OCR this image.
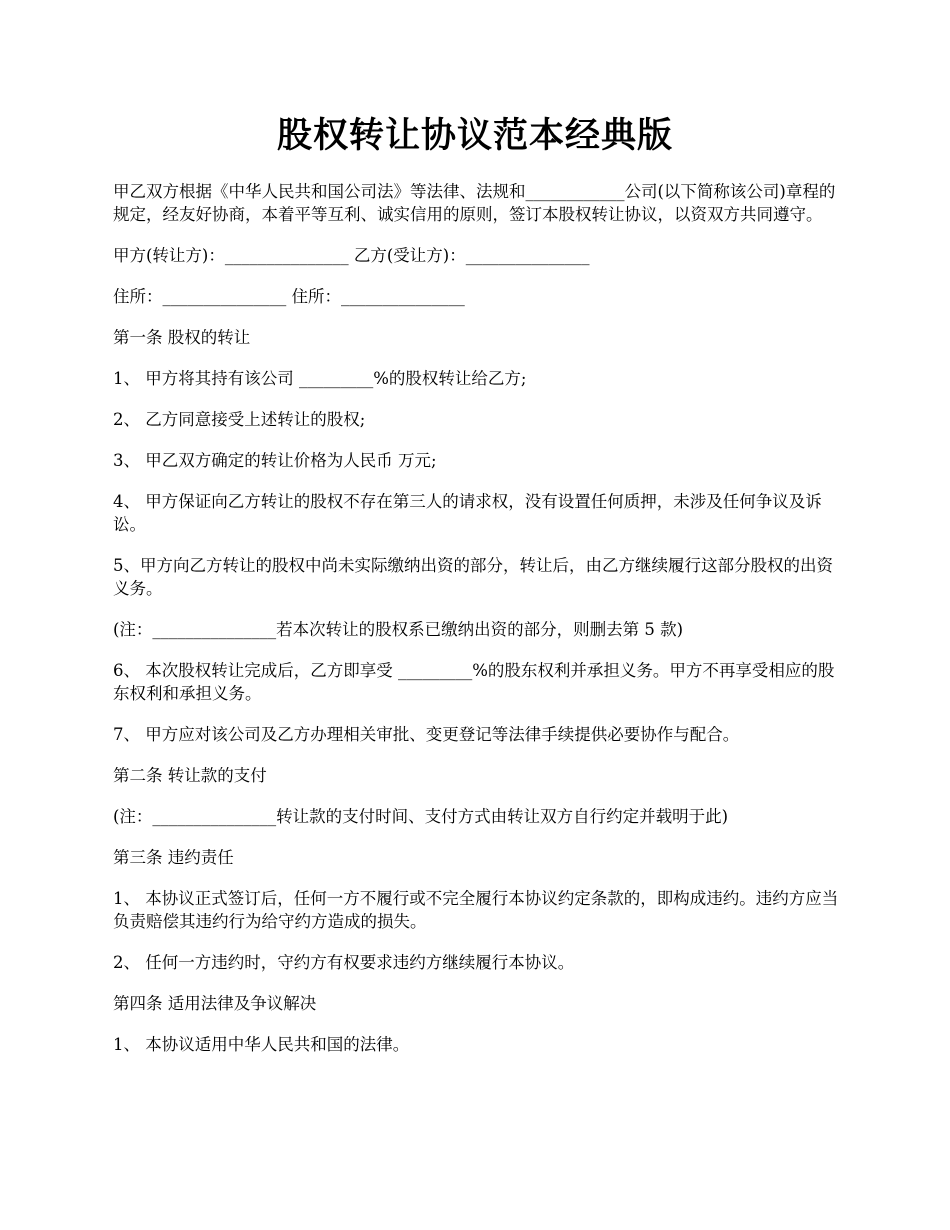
股权转让协议范本经典版

甲乙双方根据《中华人民共和国公司法》等法律、法规和____________公司(以下简称该公司)章程的规定，经友好协商，本着平等互利、诚实信用的原则，签订本股权转让协议，以资双方共同遵守。

甲方(转让方)：_______________ 乙方(受让方)：_______________

住所：_______________ 住所：_______________

第一条 股权的转让

1、 甲方将其持有该公司 _________%的股权转让给乙方;

2、 乙方同意接受上述转让的股权;

3、 甲乙双方确定的转让价格为人民币 万元;

4、 甲方保证向乙方转让的股权不存在第三人的请求权，没有设置任何质押，未涉及任何争议及诉讼。

5、甲方向乙方转让的股权中尚未实际缴纳出资的部分，转让后，由乙方继续履行这部分股权的出资义务。

(注：_______________若本次转让的股权系已缴纳出资的部分，则删去第 5 款)

6、 本次股权转让完成后，乙方即享受 _________%的股东权利并承担义务。甲方不再享受相应的股东权利和承担义务。

7、 甲方应对该公司及乙方办理相关审批、变更登记等法律手续提供必要协作与配合。

第二条 转让款的支付

(注：_______________转让款的支付时间、支付方式由转让双方自行约定并载明于此)

第三条 违约责任

1、 本协议正式签订后，任何一方不履行或不完全履行本协议约定条款的，即构成违约。违约方应当负责赔偿其违约行为给守约方造成的损失。

2、 任何一方违约时，守约方有权要求违约方继续履行本协议。

第四条 适用法律及争议解决

1、 本协议适用中华人民共和国的法律。
